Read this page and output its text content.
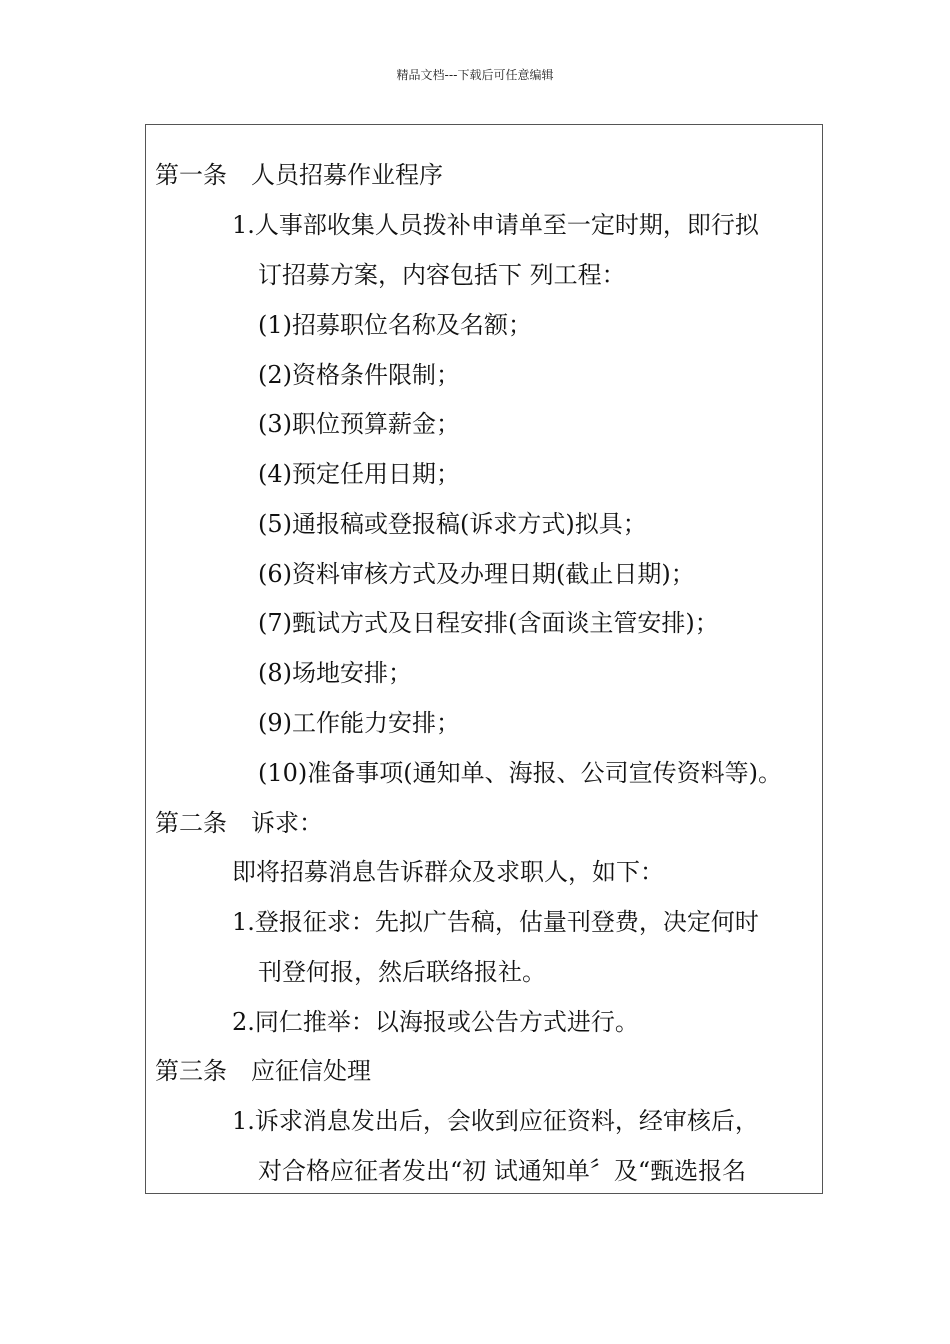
精品文档---下载后可任意编辑
第一条　人员招募作业程序
1.人事部收集人员拨补申请单至一定时期，即行拟
订招募方案，内容包括下 列工程：
(1)招募职位名称及名额；
(2)资格条件限制；
(3)职位预算薪金；
(4)预定任用日期；
(5)通报稿或登报稿(诉求方式)拟具；
(6)资料审核方式及办理日期(截止日期)；
(7)甄试方式及日程安排(含面谈主管安排)；
(8)场地安排；
(9)工作能力安排；
(10)准备事项(通知单、海报、公司宣传资料等)。
第二条　诉求：
即将招募消息告诉群众及求职人，如下：
1.登报征求：先拟广告稿，估量刊登费，决定何时
刊登何报，然后联络报社。
2.同仁推举：以海报或公告方式进行。
第三条　应征信处理
1.诉求消息发出后，会收到应征资料，经审核后，
对合格应征者发出“初 试通知单〞及“甄选报名
